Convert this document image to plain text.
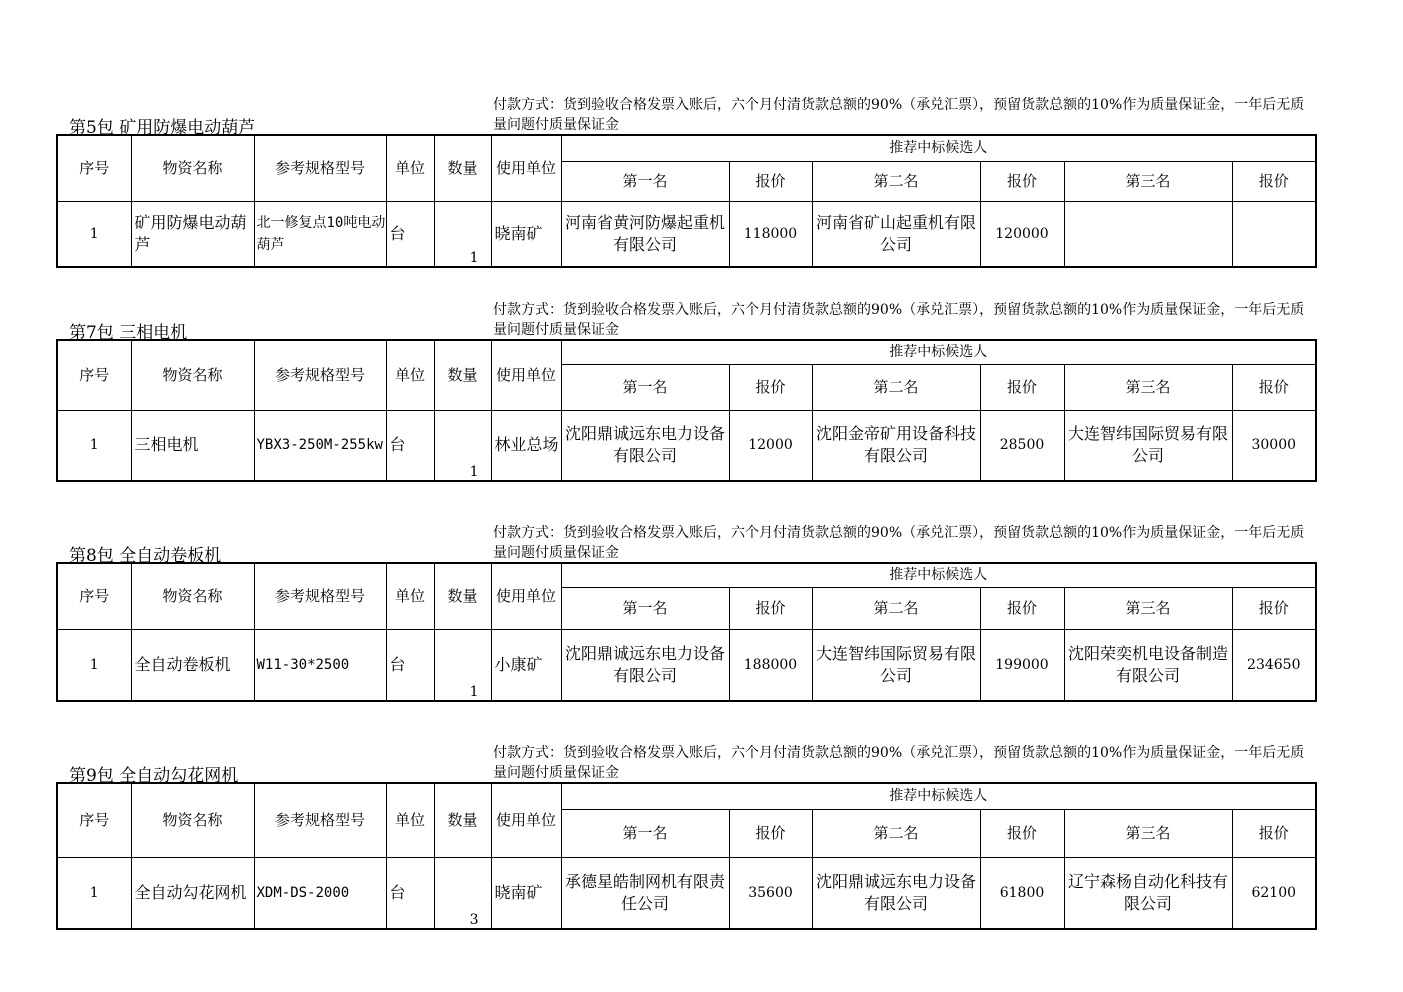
付款方式：货到验收合格发票入账后，六个月付清货款总额的90%（承兑汇票），预留货款总额的10%作为质量保证金，一年后无质量问题付质量保证金
第5包 矿用防爆电动葫芦
序号	物资名称	参考规格型号	单位	数量	使用单位	推荐中标候选人					
						第一名	报价	第二名	报价	第三名	报价
1	矿用防爆电动葫芦	北一修复点10吨电动葫芦	台	1	晓南矿	河南省黄河防爆起重机有限公司	118000	河南省矿山起重机有限公司	120000		
付款方式：货到验收合格发票入账后，六个月付清货款总额的90%（承兑汇票），预留货款总额的10%作为质量保证金，一年后无质量问题付质量保证金
第7包 三相电机
序号	物资名称	参考规格型号	单位	数量	使用单位	推荐中标候选人					
						第一名	报价	第二名	报价	第三名	报价
1	三相电机	YBX3-250M-255kw	台	1	林业总场	沈阳鼎诚远东电力设备有限公司	12000	沈阳金帝矿用设备科技有限公司	28500	大连智纬国际贸易有限公司	30000
付款方式：货到验收合格发票入账后，六个月付清货款总额的90%（承兑汇票），预留货款总额的10%作为质量保证金，一年后无质量问题付质量保证金
第8包 全自动卷板机
序号	物资名称	参考规格型号	单位	数量	使用单位	推荐中标候选人					
						第一名	报价	第二名	报价	第三名	报价
1	全自动卷板机	W11-30*2500	台	1	小康矿	沈阳鼎诚远东电力设备有限公司	188000	大连智纬国际贸易有限公司	199000	沈阳荣奕机电设备制造有限公司	234650
付款方式：货到验收合格发票入账后，六个月付清货款总额的90%（承兑汇票），预留货款总额的10%作为质量保证金，一年后无质量问题付质量保证金
第9包 全自动勾花网机
序号	物资名称	参考规格型号	单位	数量	使用单位	推荐中标候选人					
						第一名	报价	第二名	报价	第三名	报价
1	全自动勾花网机	XDM-DS-2000	台	3	晓南矿	承德星皓制网机有限责任公司	35600	沈阳鼎诚远东电力设备有限公司	61800	辽宁森杨自动化科技有限公司	62100
